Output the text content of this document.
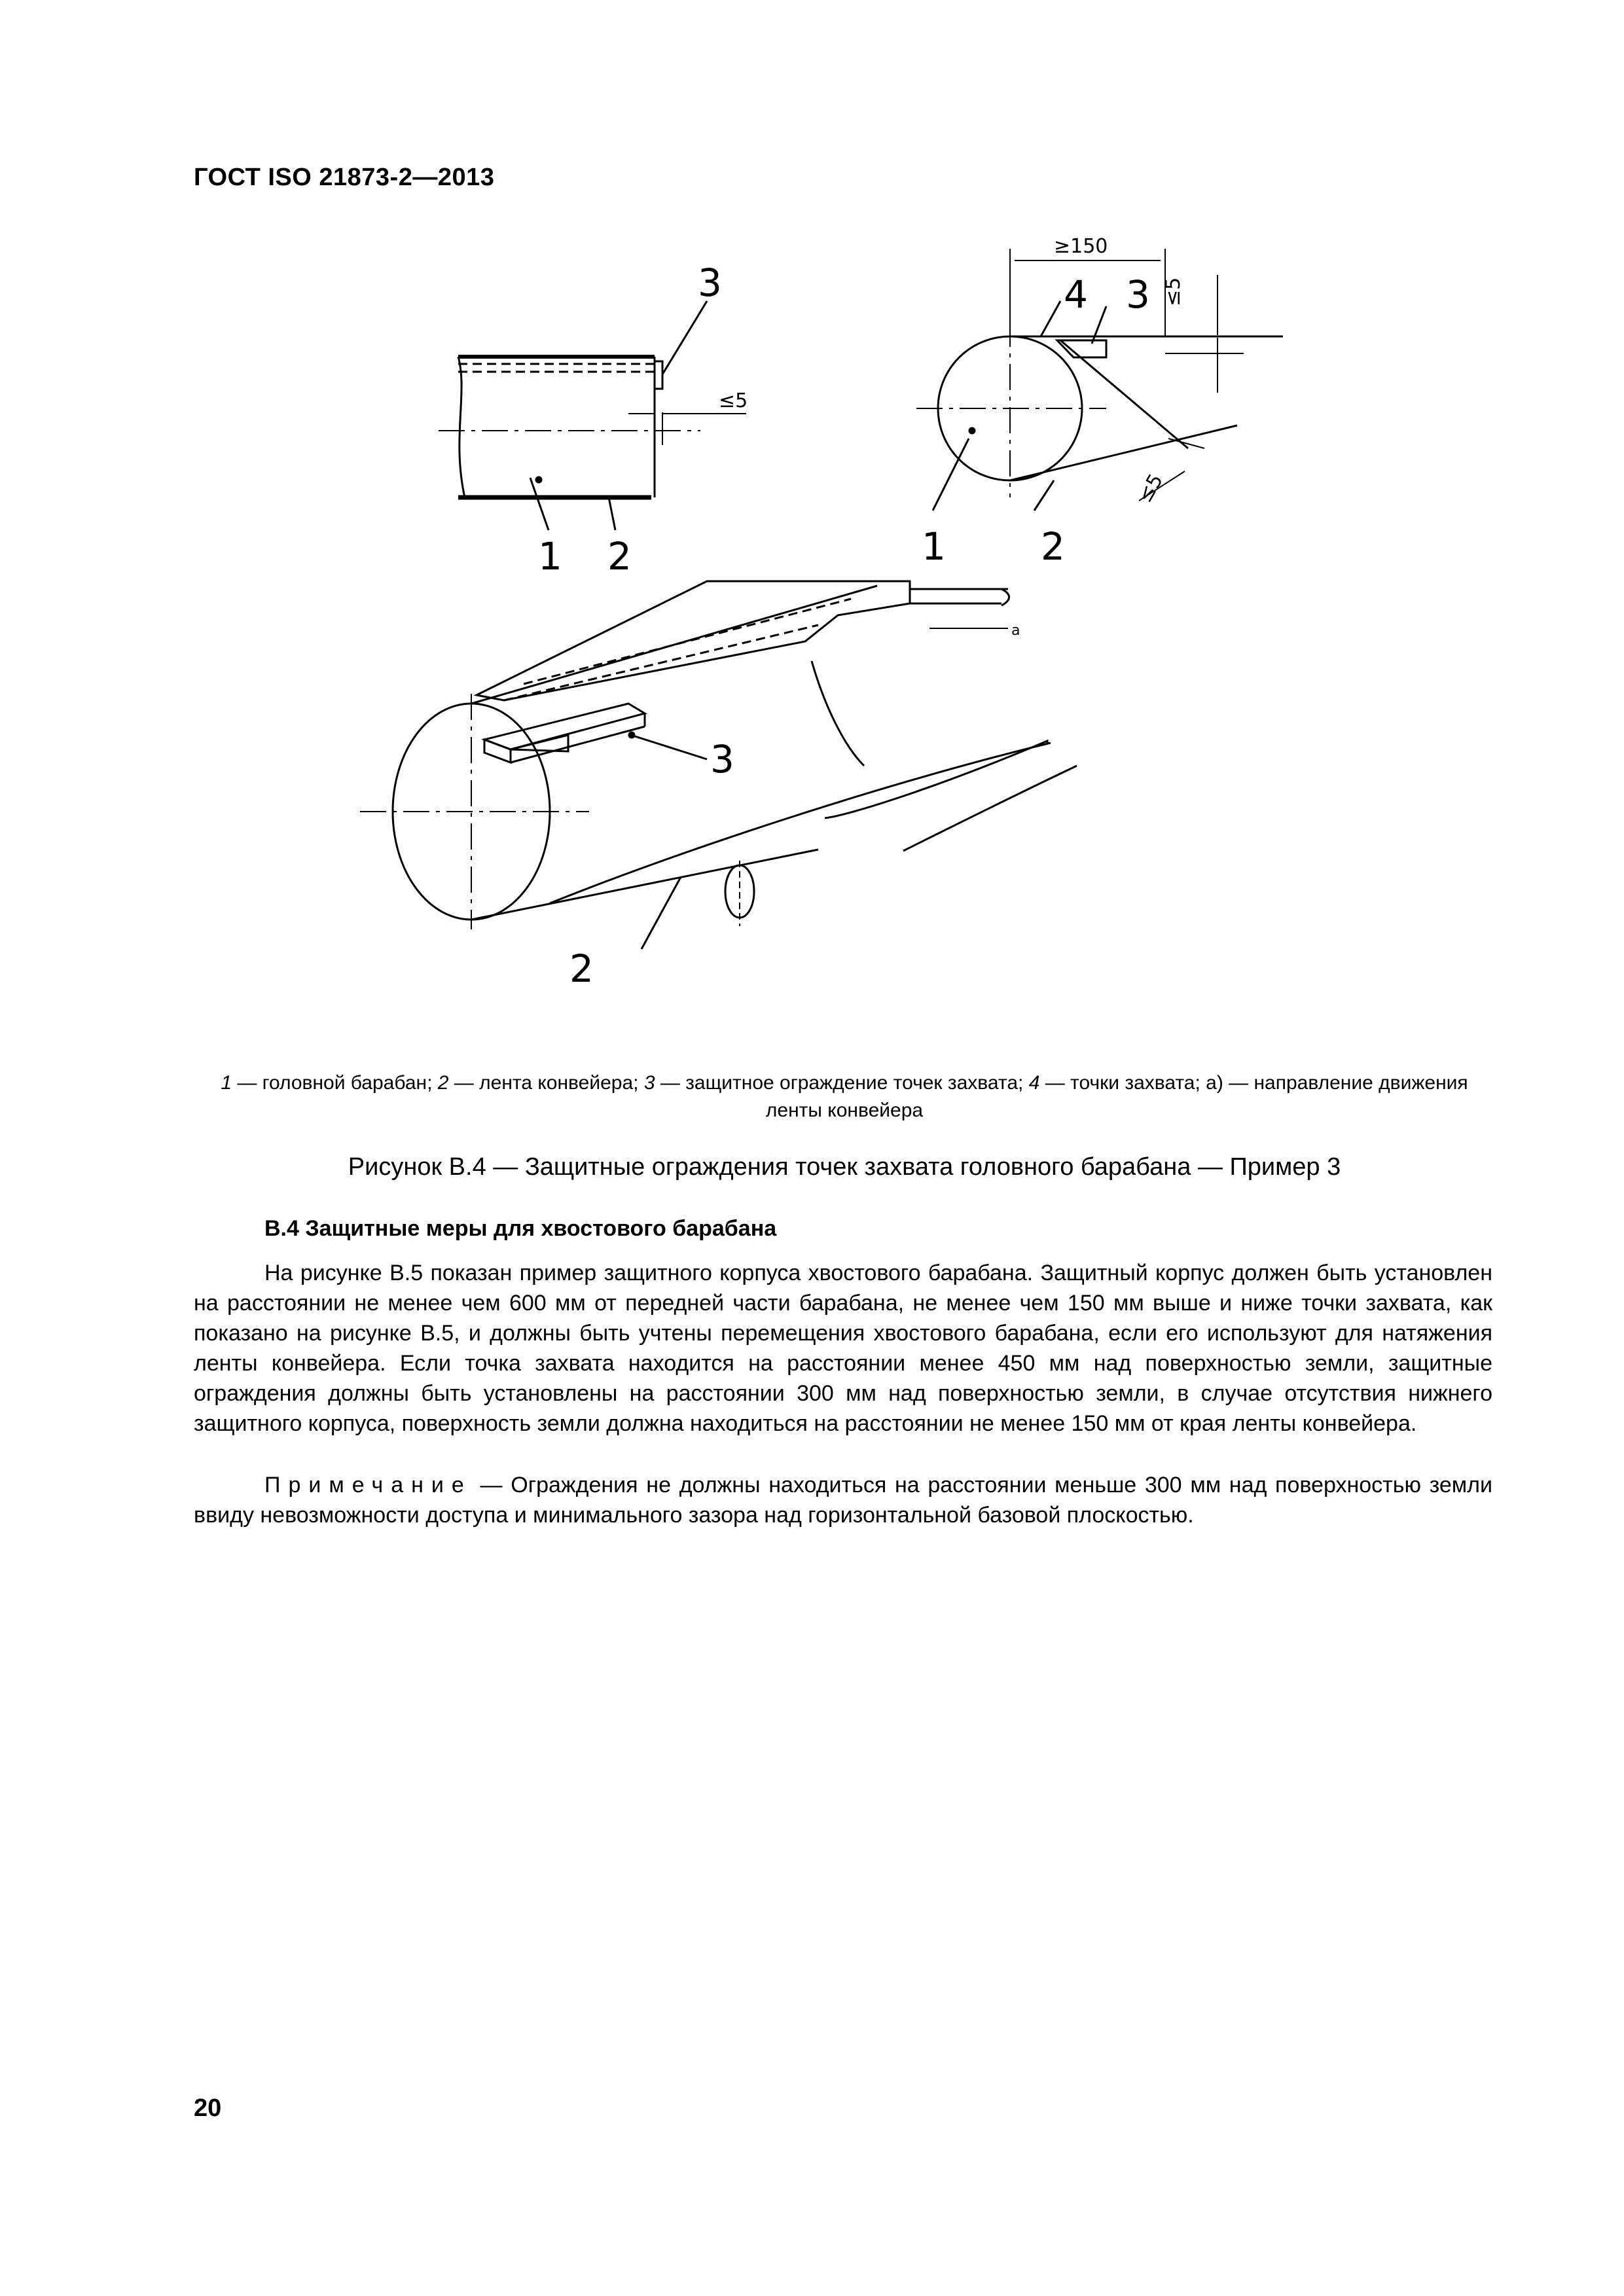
ГОСТ ISO 21873-2—2013
3
1 2
≤5
≥150
4 3 ≤5
≤5
1	2
a
3
2
1 — головной барабан; 2 — лента конвейера; 3 — защитное ограждение точек захвата; 4 — точки захвата; а) — направление движения ленты конвейера
Рисунок В.4 — Защитные ограждения точек захвата головного барабана — Пример 3
В.4 Защитные меры для хвостового барабана

На рисунке В.5 показан пример защитного корпуса хвостового барабана. Защитный корпус должен быть установлен на расстоянии не менее чем 600 мм от передней части барабана, не менее чем 150 мм выше и ниже точки захвата, как показано на рисунке В.5, и должны быть учтены перемещения хвостового барабана, если его используют для натяжения ленты конвейера. Если точка захвата находится на расстоянии менее 450 мм над поверхностью земли, защитные ограждения должны быть установлены на расстоянии 300 мм над поверхностью земли, в случае отсутствия нижнего защитного корпуса, поверхность земли должна находиться на расстоянии не менее 150 мм от края ленты конвейера.

Примечание — Ограждения не должны находиться на расстоянии меньше 300 мм над поверхностью земли ввиду невозможности доступа и минимального зазора над горизонтальной базовой плоскостью.

20
